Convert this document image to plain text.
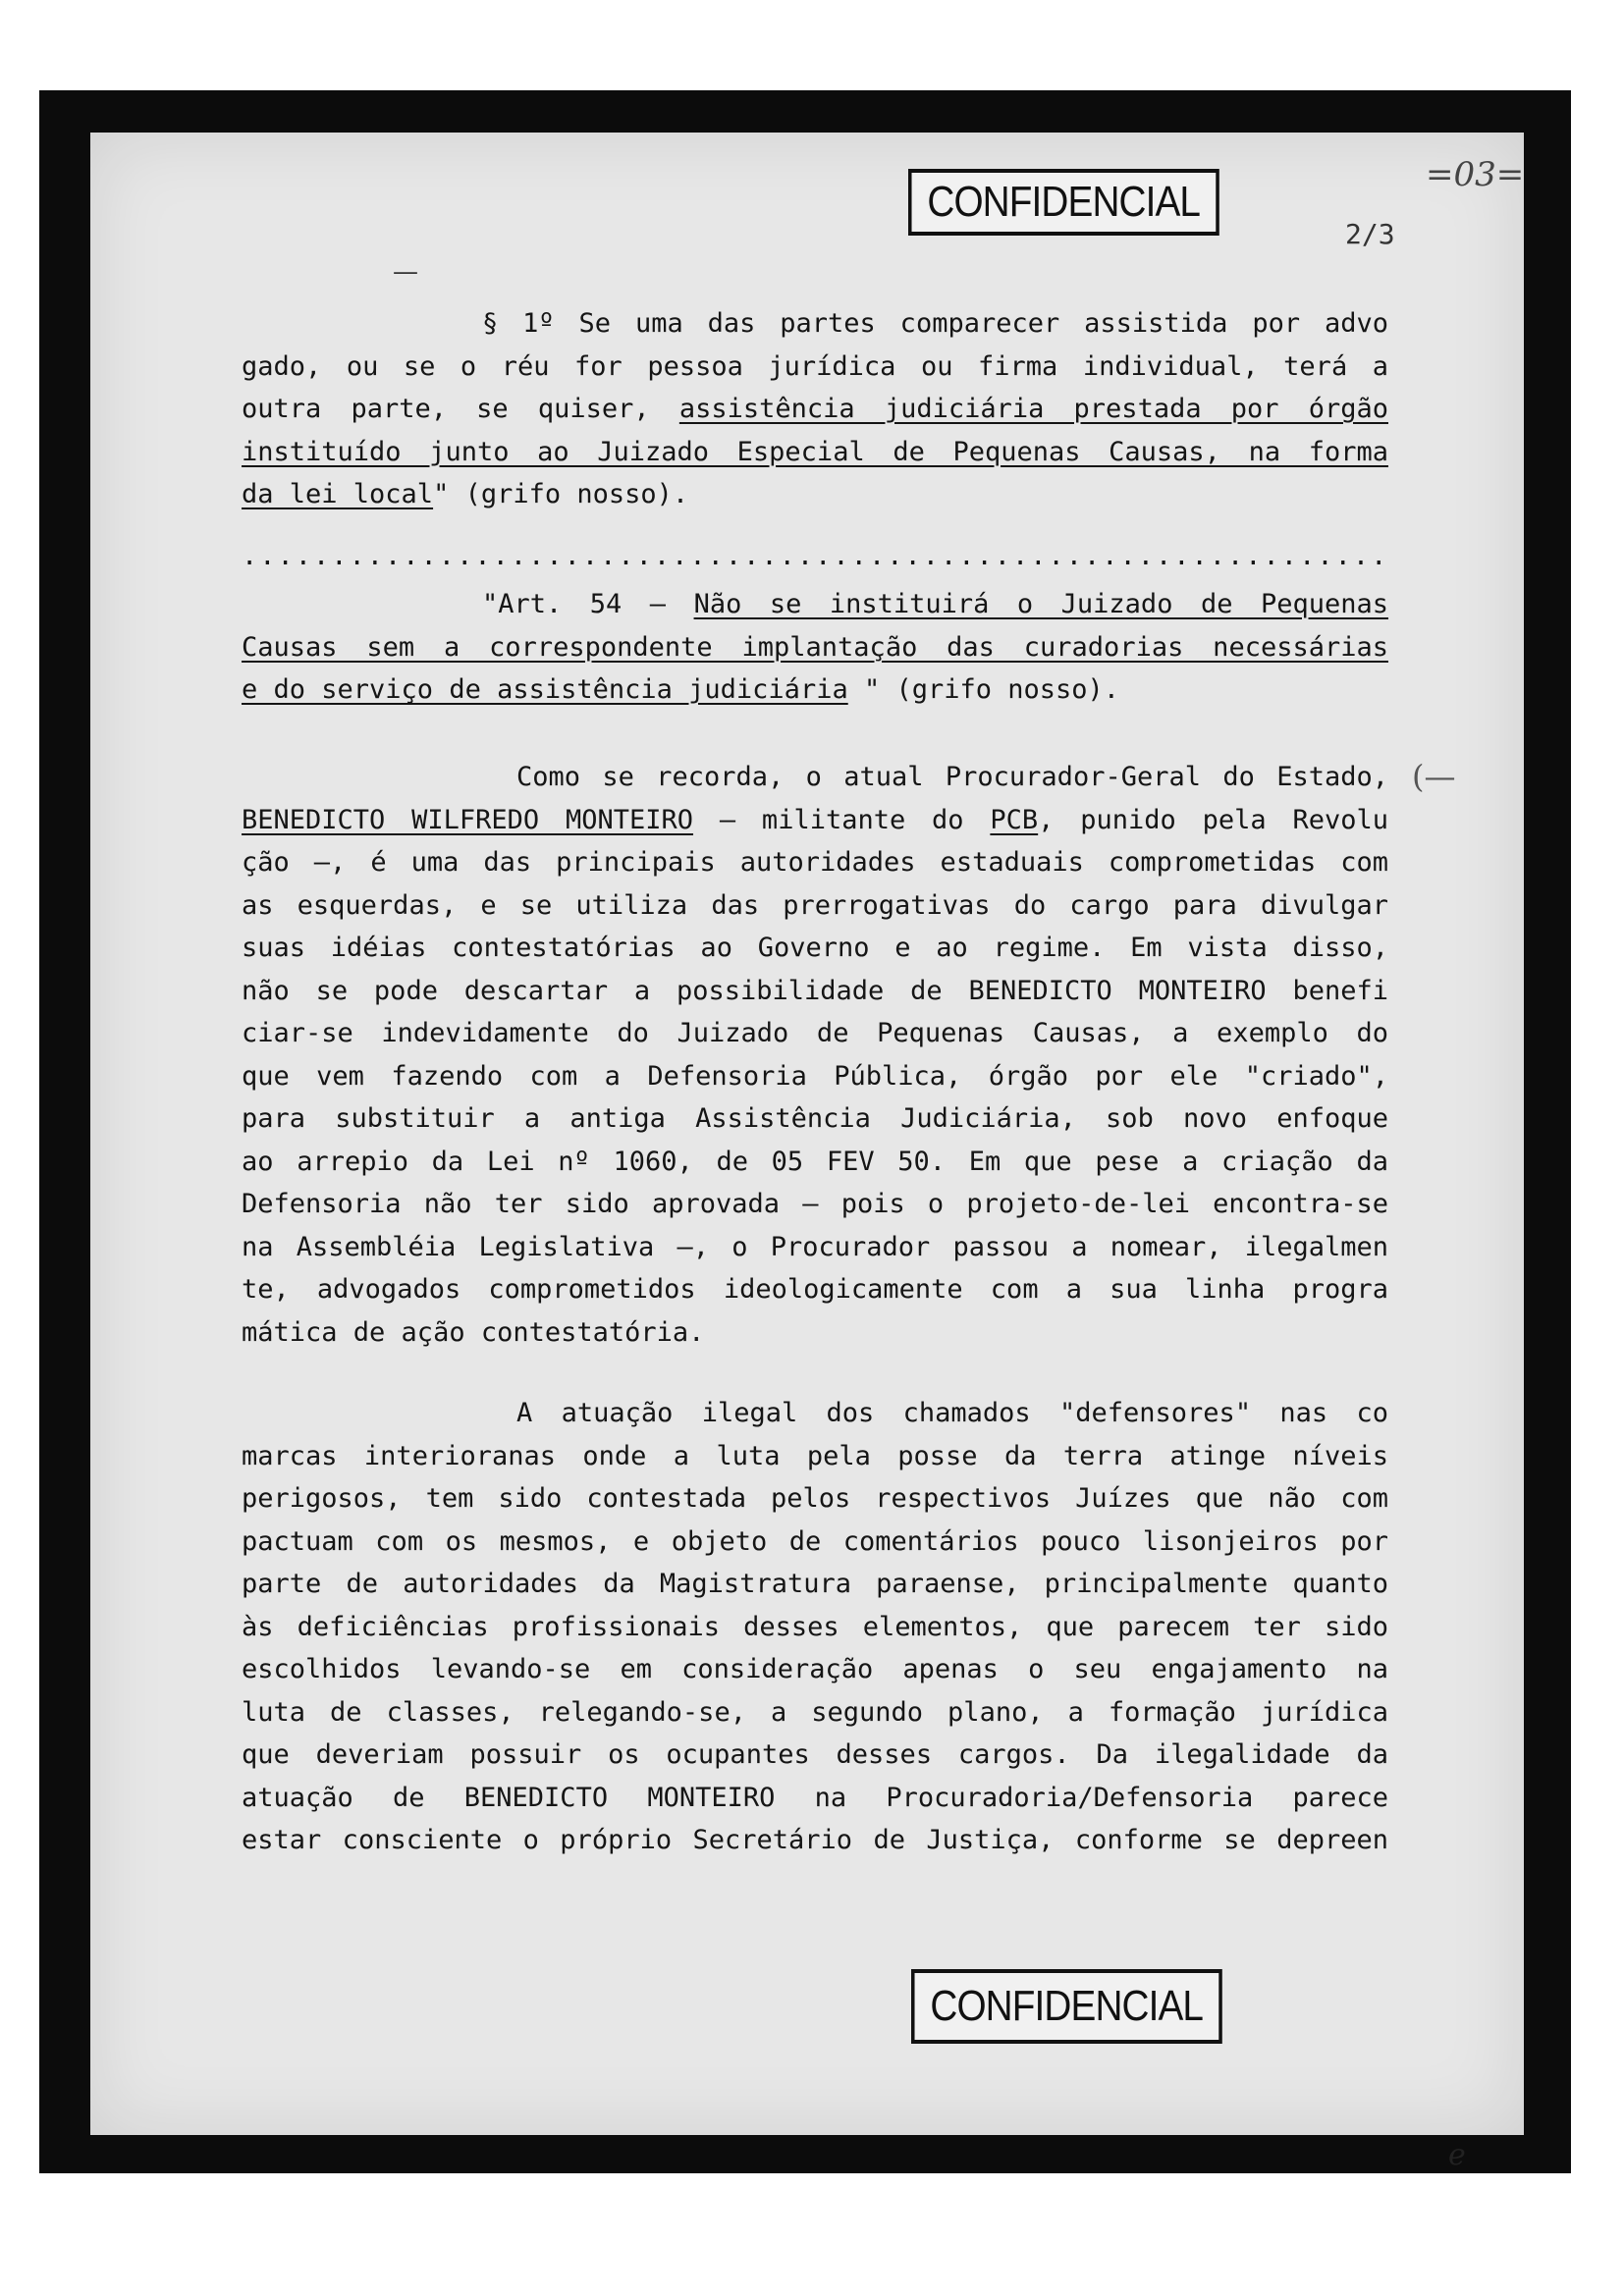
CONFIDENCIAL
=03=
2/3
—
(—
§ 1º Se uma das partes comparecer assistida por advo
gado, ou se o réu for pessoa jurídica ou firma individual, terá a
outra parte, se quiser, assistência judiciária prestada por órgão
instituído junto ao Juizado Especial de Pequenas Causas, na forma
da lei local" (grifo nosso).
................................................................
"Art. 54 — Não se instituirá o Juizado de Pequenas
Causas sem a correspondente implantação das curadorias necessárias
e do serviço de assistência judiciária " (grifo nosso).
Como se recorda, o atual Procurador-Geral do Estado,
BENEDICTO WILFREDO MONTEIRO — militante do PCB, punido pela Revolu
ção —, é uma das principais autoridades estaduais comprometidas com
as esquerdas, e se utiliza das prerrogativas do cargo para divulgar
suas idéias contestatórias ao Governo e ao regime. Em vista disso,
não se pode descartar a possibilidade de BENEDICTO MONTEIRO benefi
ciar-se indevidamente do Juizado de Pequenas Causas, a exemplo do
que vem fazendo com a Defensoria Pública, órgão por ele "criado",
para substituir a antiga Assistência Judiciária, sob novo enfoque
ao arrepio da Lei nº 1060, de 05 FEV 50. Em que pese a criação da
Defensoria não ter sido aprovada — pois o projeto-de-lei encontra-se
na Assembléia Legislativa —, o Procurador passou a nomear, ilegalmen
te, advogados comprometidos ideologicamente com a sua linha progra
mática de ação contestatória.
A atuação ilegal dos chamados "defensores" nas co
marcas interioranas onde a luta pela posse da terra atinge níveis
perigosos, tem sido contestada pelos respectivos Juízes que não com
pactuam com os mesmos, e objeto de comentários pouco lisonjeiros por
parte de autoridades da Magistratura paraense, principalmente quanto
às deficiências profissionais desses elementos, que parecem ter sido
escolhidos levando-se em consideração apenas o seu engajamento na
luta de classes, relegando-se, a segundo plano, a formação jurídica
que deveriam possuir os ocupantes desses cargos. Da ilegalidade da
atuação de BENEDICTO MONTEIRO na Procuradoria/Defensoria parece
estar consciente o próprio Secretário de Justiça, conforme se depreen
CONFIDENCIAL
e
